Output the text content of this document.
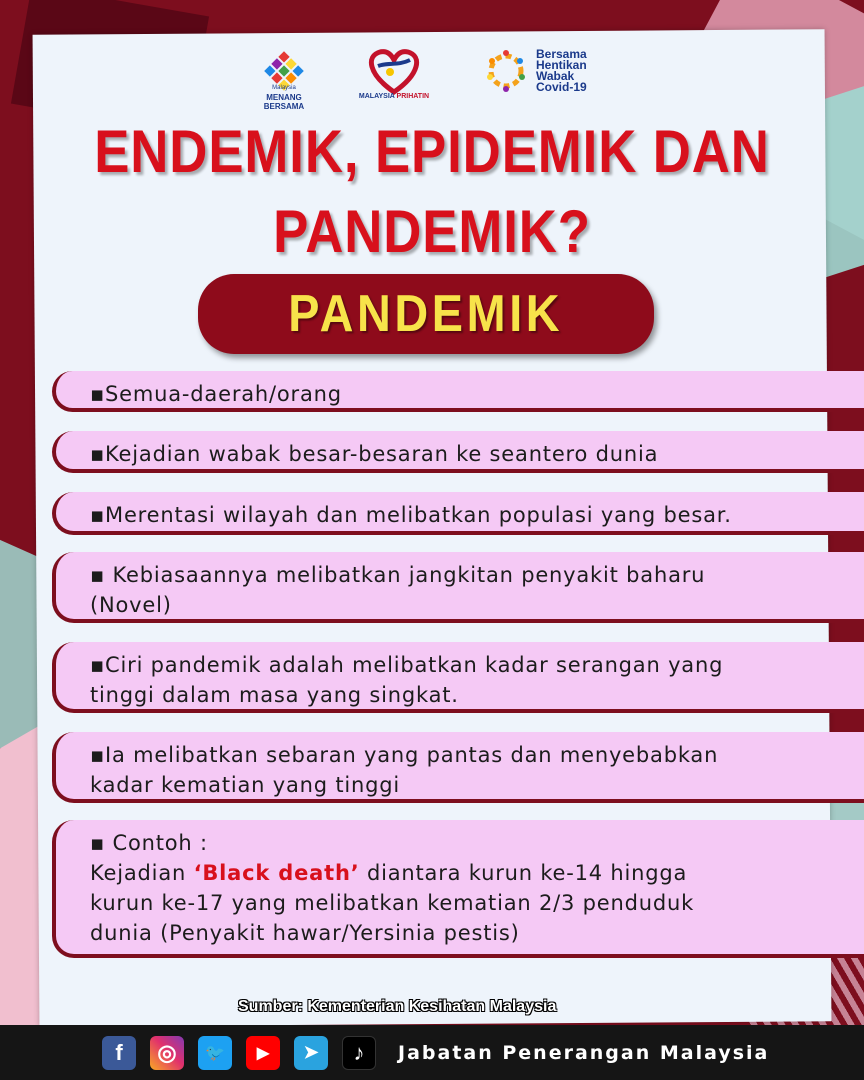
Malaysia
MENANG
BERSAMA
MALAYSIA PRIHATIN
Bersama
Hentikan
Wabak
Covid-19
ENDEMIK, EPIDEMIK DAN
PANDEMIK?
PANDEMIK
▪Semua-daerah/orang
▪Kejadian wabak besar-besaran ke seantero dunia
▪Merentasi wilayah dan melibatkan populasi yang besar.
▪ Kebiasaannya melibatkan jangkitan penyakit baharu
(Novel)
▪Ciri pandemik adalah melibatkan kadar serangan yang
tinggi dalam masa yang singkat.
▪Ia melibatkan sebaran yang pantas dan menyebabkan
kadar kematian yang tinggi
▪ Contoh :
Kejadian ‘Black death’ diantara kurun ke-14 hingga
kurun ke-17 yang melibatkan kematian 2/3 penduduk
dunia (Penyakit hawar/Yersinia pestis)
Sumber: Kementerian Kesihatan Malaysia
f ◎ 🐦 ▶ ➤ ♪ Jabatan Penerangan Malaysia
